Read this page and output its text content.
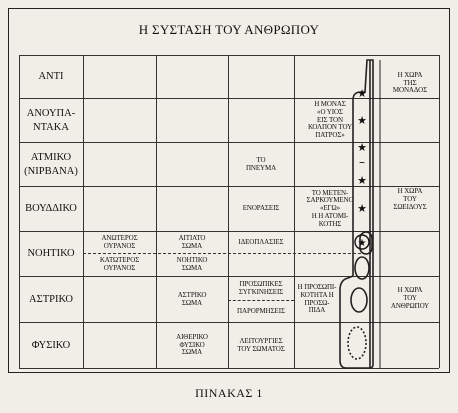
Η ΣΥΣΤΑΣΗ ΤΟΥ ΑΝΘΡΩΠΟΥ
ΑΝΤΙ
ΑΝΟΥΠΑ-
ΝΤΑΚΑ
ΑΤΜΙΚΟ
(ΝΙΡΒΑΝΑ)
ΒΟΥΔΔΙΚΟ
ΝΟΗΤΙΚΟ
ΑΣΤΡΙΚΟ
ΦΥΣΙΚΟ
Η ΜΟΝΑΣ
«Ο ΥΙΟΣ
ΕΙΣ ΤΟΝ
ΚΟΛΠΟΝ ΤΟΥ
ΠΑΤΡΟΣ»
ΤΟ
ΠΝΕΥΜΑ
ΕΝΟΡΑΣΕΙΣ
ΤΟ ΜΕΤΕΝ-
ΣΑΡΚΟΥΜΕΝΟ
«ΕΓΩ»
Η Η ΑΤΟΜΙ-
ΚΟΤΗΣ
ΑΝΩΤΕΡΟΣ
ΟΥΡΑΝΟΣ
ΚΑΤΩΤΕΡΟΣ
ΟΥΡΑΝΟΣ
ΑΙΤΙΑΤΟ
ΣΩΜΑ
ΝΟΗΤΙΚΟ
ΣΩΜΑ
ΙΔΕΟΠΛΑΣΙΕΣ
ΑΣΤΡΙΚΟ
ΣΩΜΑ
ΠΡΟΣΩΠΙΚΕΣ
ΣΥΓΚΙΝΗΣΕΙΣ
ΠΑΡΟΡΜΗΣΕΙΣ
Η ΠΡΟΣΩΠΙ-
ΚΟΤΗΤΑ Η
ΠΡΟΣΩ-
ΠΙΔΑ
ΑΙΘΕΡΙΚΟ
ΦΥΣΙΚΟ
ΣΩΜΑ
ΛΕΙΤΟΥΡΓΙΕΣ
ΤΟΥ ΣΩΜΑΤΟΣ
Η ΧΩΡΑ
ΤΗΣ
ΜΟΝΑΔΟΣ
Η ΧΩΡΑ
ΤΟΥ
ΣΩΕΙΔΟΥΣ
Η ΧΩΡΑ
ΤΟΥ
ΑΝΘΡΩΠΟΥ
★
★
★
–
★
★
★
ΠΙΝΑΚΑΣ 1
